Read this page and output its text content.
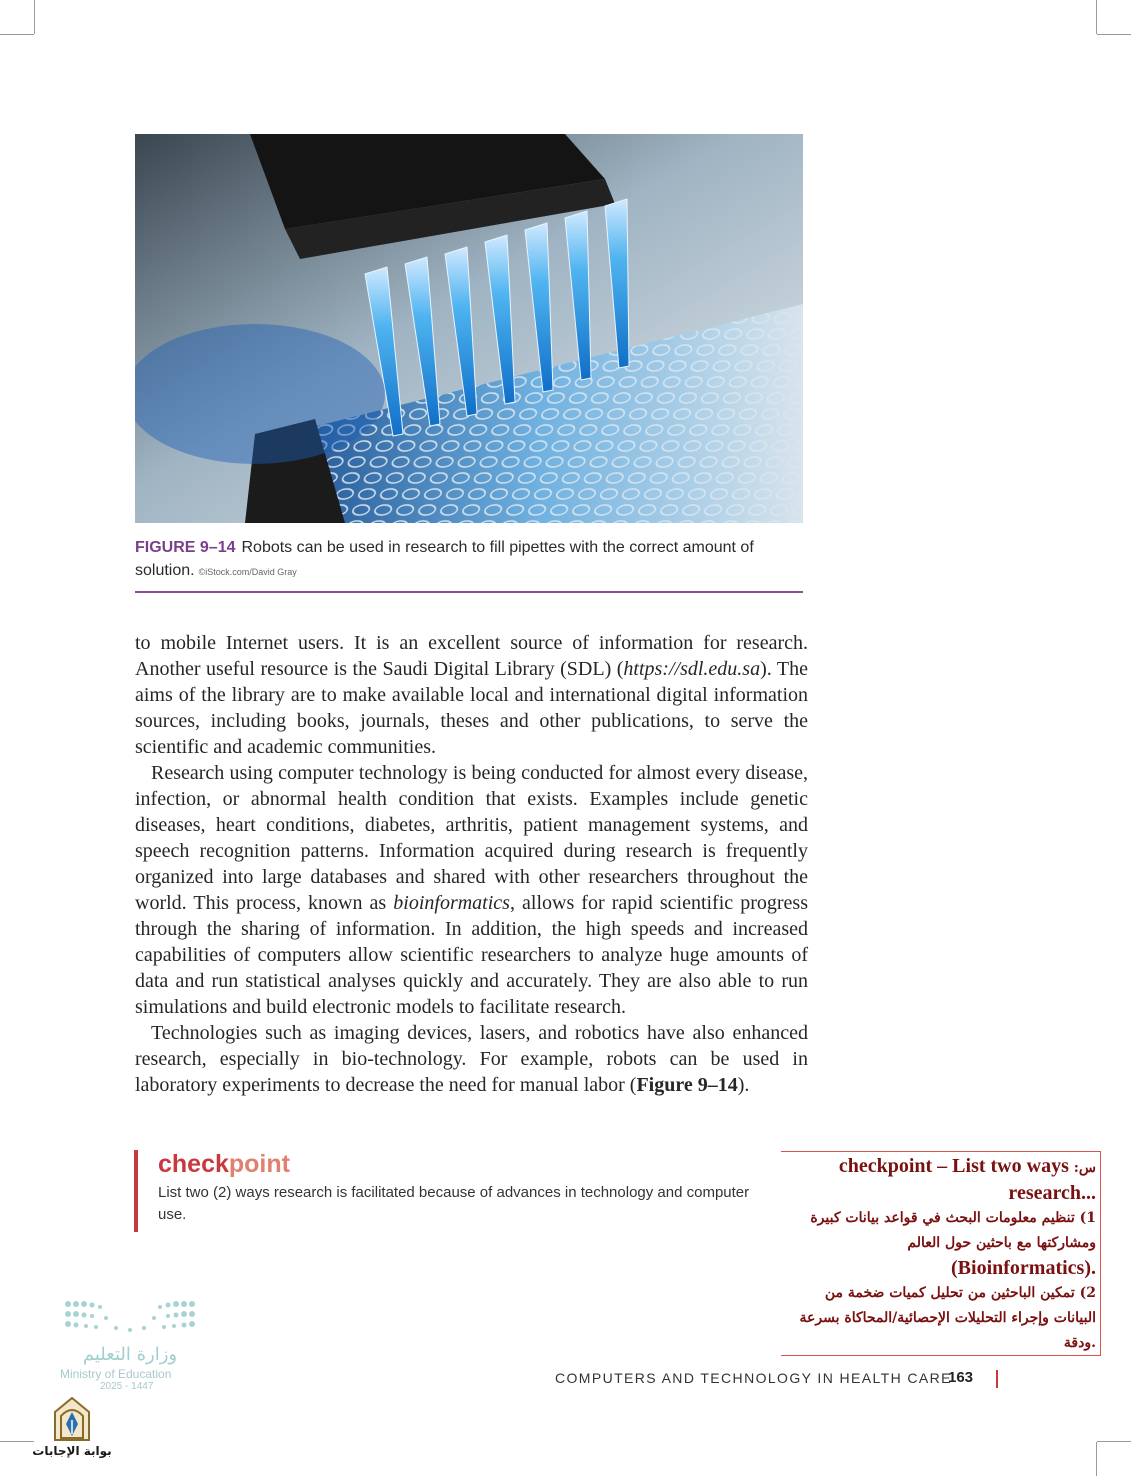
FIGURE 9–14 Robots can be used in research to fill pipettes with the correct amount of solution. ©iStock.com/David Gray

to mobile Internet users. It is an excellent source of information for research. Another useful resource is the Saudi Digital Library (SDL) (https://sdl.edu.sa). The aims of the library are to make available local and international digital information sources, including books, journals, theses and other publications, to serve the scientific and academic communities.

Research using computer technology is being conducted for almost every disease, infection, or abnormal health condition that exists. Examples include genetic diseases, heart conditions, diabetes, arthritis, patient management systems, and speech recognition patterns. Information acquired during research is frequently organized into large databases and shared with other researchers throughout the world. This process, known as bioinformatics, allows for rapid scientific progress through the sharing of information. In addition, the high speeds and increased capabilities of computers allow scientific researchers to analyze huge amounts of data and run statistical analyses quickly and accurately. They are also able to run simulations and build electronic models to facilitate research.

Technologies such as imaging devices, lasers, and robotics have also enhanced research, especially in bio-technology. For example, robots can be used in laboratory experiments to decrease the need for manual labor (Figure 9–14).

checkpoint
List two (2) ways research is facilitated because of advances in technology and computer use.
س: checkpoint – List two ways
...research
1) تنظيم معلومات البحث في قواعد بيانات كبيرة
ومشاركتها مع باحثين حول العالم
.(Bioinformatics)
2) تمكين الباحثين من تحليل كميات ضخمة من
البيانات وإجراء التحليلات الإحصائية/المحاكاة بسرعة
.ودقة
COMPUTERS AND TECHNOLOGY IN HEALTH CARE
163
وزارة التعليم
Ministry of Education
2025 - 1447
بوابة الإجابات
